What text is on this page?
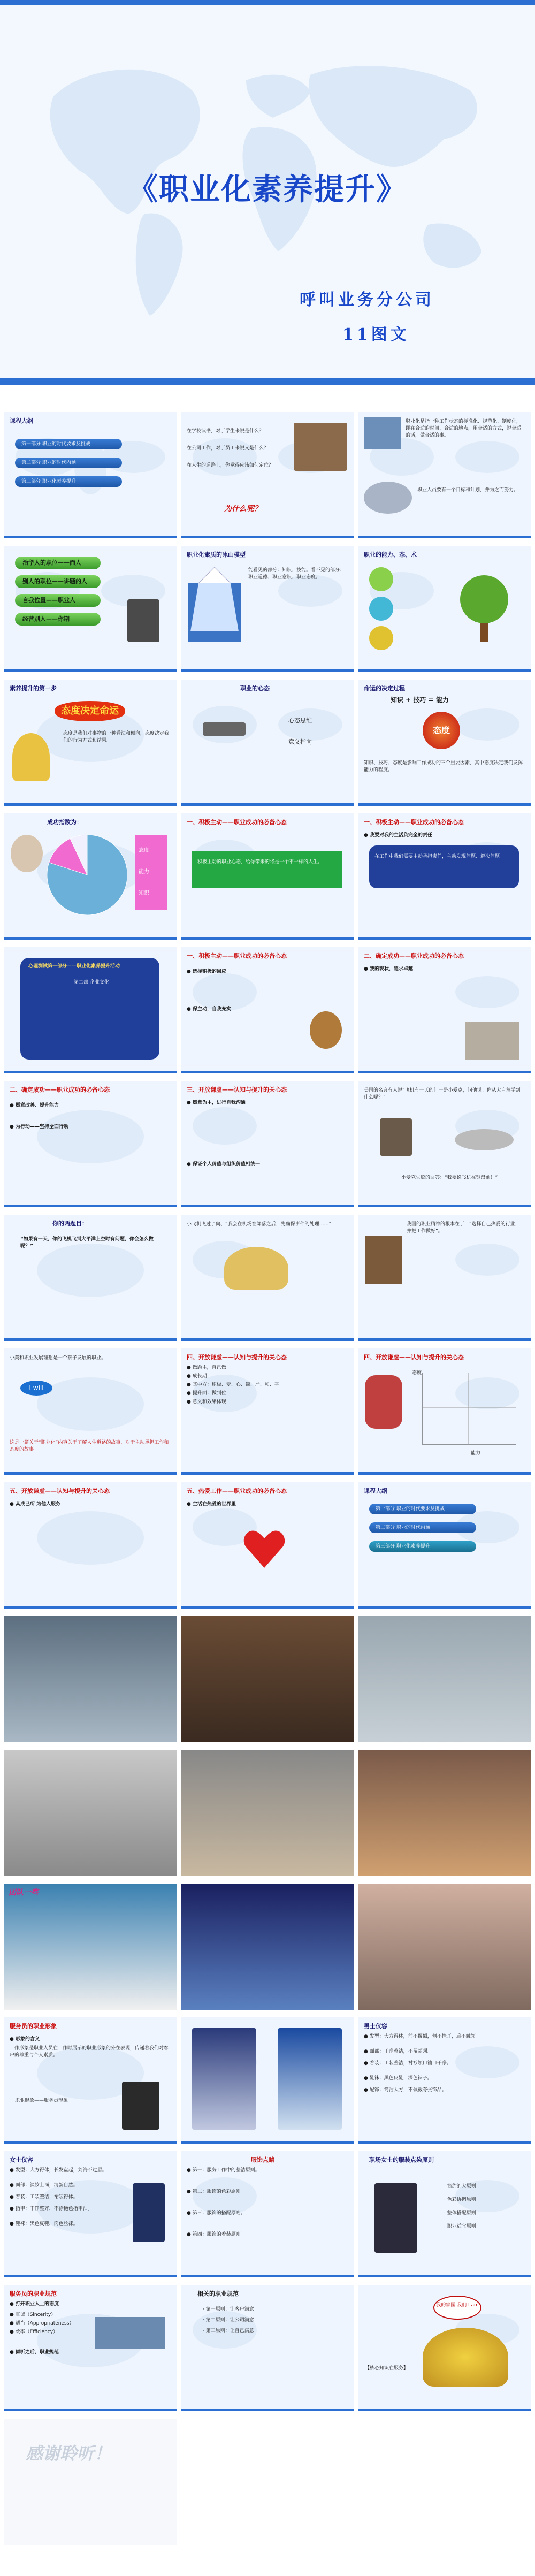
《职业化素养提升》
呼叫业务分公司
11图文
课程大纲
第一部分 职业的时代要求及挑战
第二部分 职业的时代内涵
第三部分 职业化素养提升
在学校读书，对于学生来说是什么？
在公司工作，对于员工来说又是什么？
在人生的道路上，你觉得应该如何定位？
为什么呢？
职业化是指一种工作状态的标准化、规范化、制度化，即在合适的时间、合适的地点，用合适的方式，说合适的话，做合适的事。
职业人员要有一个目标和计划，并为之而努力。
治学人的职位——而人
别人的职位——讲题的人
自我位置——职业人
经营别人——你期
职业化素质的冰山模型
能看见的部分：知识、技能。看不见的部分：职业道德、职业意识、职业态度。
职业的能力、态、术
素养提升的第一步
态度决定命运
态度是我们对事物的一种看法和倾向，态度决定我们的行为方式和结果。
职业的心态
心态思维
意义指向
命运的决定过程
知识 + 技巧 = 能力
态度
知识、技巧、态度是影响工作成功的三个重要因素，其中态度决定我们发挥能力的程度。
成功指数为：
态度
能力
知识
一、积极主动——职业成功的必备心态
积极主动的职业心态，给你带来的将是一个不一样的人生。
一、积极主动——职业成功的必备心态
● 我要对我的生活负完全的责任
在工作中我们需要主动承担责任，主动发现问题、解决问题。
心理测试第一部分——职业化素养提升活动
第二部 企业文化
一、积极主动——职业成功的必备心态
● 选择积极的回应
● 保主动，自我充实
二、确定成功——职业成功的必备心态
● 我的现状，追求卓越
二、确定成功——职业成功的必备心态
● 愿意改善、提升能力
● 为行动——坚持全面行动
三、开放谦虚——认知与提升的关心态
● 愿意为主，进行自我沟通
● 保证个人价值与组织价值相统一
美国的名言有人说“飞机有一天的问一是小爱克，问他说：你从大自然学到什么呢？”
小爱克失聪的回答：“我要说飞机在钢盘前！”
你的两题目：
“如果有一天，你的飞机飞到大平洋上空时有问题，你会怎么做呢？”
小飞机飞过了向、“我会在机场在降落之后，先确保事件的处理……”	我国的职业精神的根本在于，“选择自己热爱的行业，并把工作做好”。
小美和职业发展理想是一个孩子发展的职业。
I will
这是一篇关于“职业化”内容关于了解人生道路的故事，对于主动承担工作和态度的故事。
四、开放谦虚——认知与提升的关心态
● 做题主，自己做
● 成长期
● 其中方：积极、专、心、简、严、和、平
● 提升面：做到位
● 意义和效果体现
四、开放谦虚——认知与提升的关心态
能力
态度
五、开放谦虚——认知与提升的关心态
● 其成己所 为他人服务
五、热爱工作——职业成功的必备心态
● 生活在热爱的世界里
课程大纲
第一部分 职业的时代要求及挑战
第二部分 职业的时代内涵
第三部分 职业化素养提升
团队一些
服务员的职业形象
● 形象的含义
工作形象是职业人员在工作时展示的职业形象的外在表现，传递着我们对客户的尊重与个人素质。
职业形象——服务员形象
男士仪容
● 发型：大方得体，前不覆额，侧不掩耳，后不触领。
● 面部：干净整洁，不留胡须。
● 着装：工装整洁，衬衫领口袖口干净。
● 鞋袜：黑色皮鞋，深色袜子。
● 配饰：简洁大方，不佩戴夸张饰品。
女士仪容
● 发型：大方得体，长发盘起，刘海不过眉。
● 面部：淡妆上岗，清新自然。
● 着装：工装整洁，裙装得体。
● 指甲：干净整齐，不涂艳色指甲油。
● 鞋袜：黑色皮鞋，肉色丝袜。
服饰点睛
● 第一：服务工作中的整洁原则。
● 第二：服饰的色彩原则。
● 第三：服饰的搭配原则。
● 第四：服饰的着装原则。
职场女士的服装点染原则
· 简约的大原则
· 色彩协调原则
· 整体搭配原则
· 职业适宜原则
服务员的职业规范
● 打开职业人士的态度
● 真诚（Sincerity）
● 适当（Appropriateness）
● 效率（Efficiency）
● 倾听之后，职业规范
相关的职业规范
· 第一原则：让客户满意
· 第二原则：让公司满意
· 第三原则：让自己满意
我的家园 我们 I am
【核心知识在服务】
感谢聆听！
